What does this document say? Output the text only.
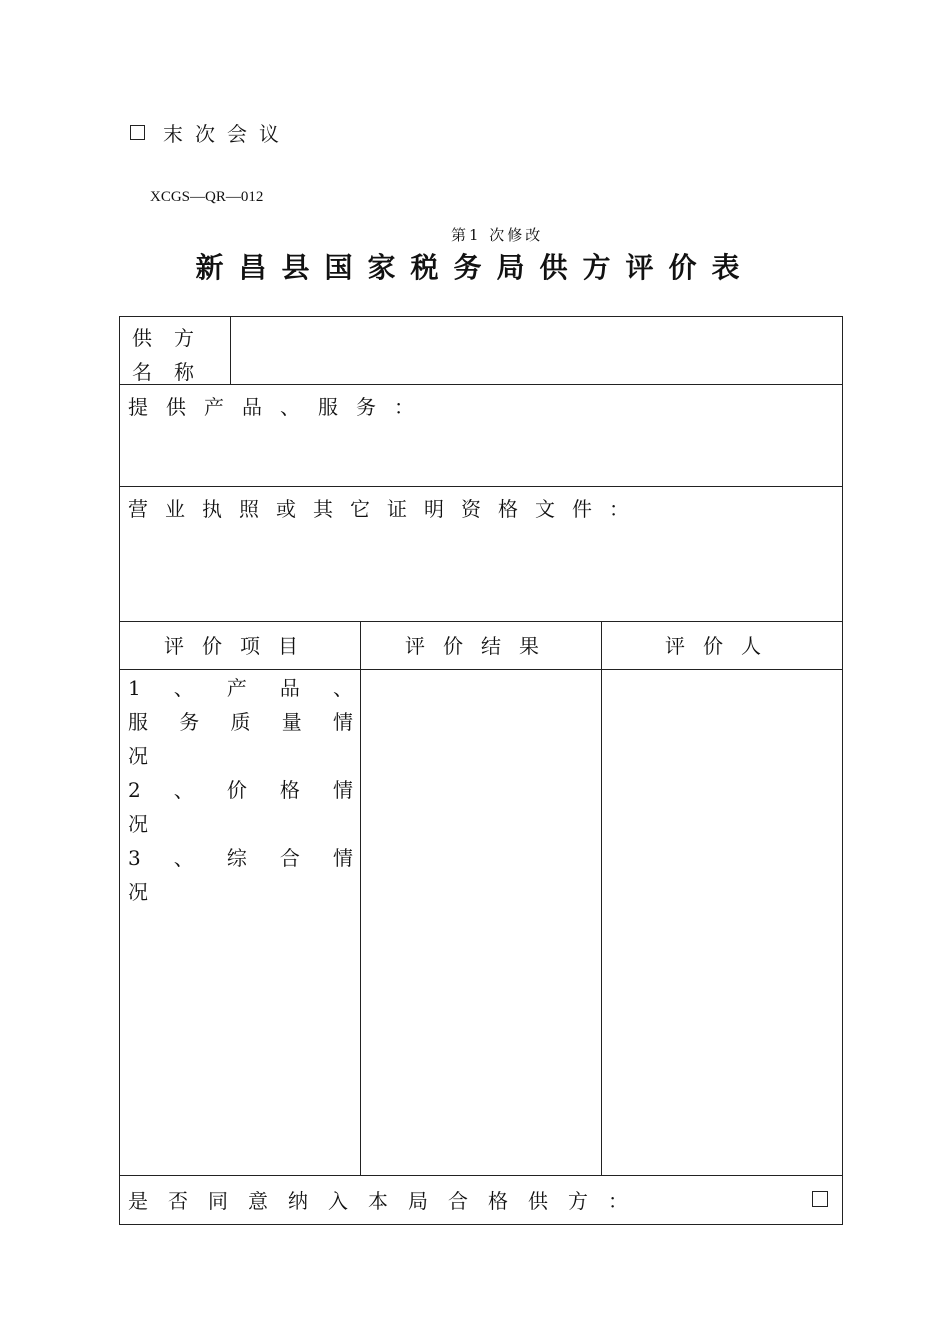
末次会议
XCGS—QR—012
第1 次修改
新昌县国家税务局供方评价表
供方
名称
提供产品、服务：
营业执照或其它证明资格文件：
评价项目	评价结果	评价人
1 、 产 品 、
服 务 质 量 情
况
2 、 价 格 情
况
3 、 综 合 情
况
是否同意纳入本局合格供方：
